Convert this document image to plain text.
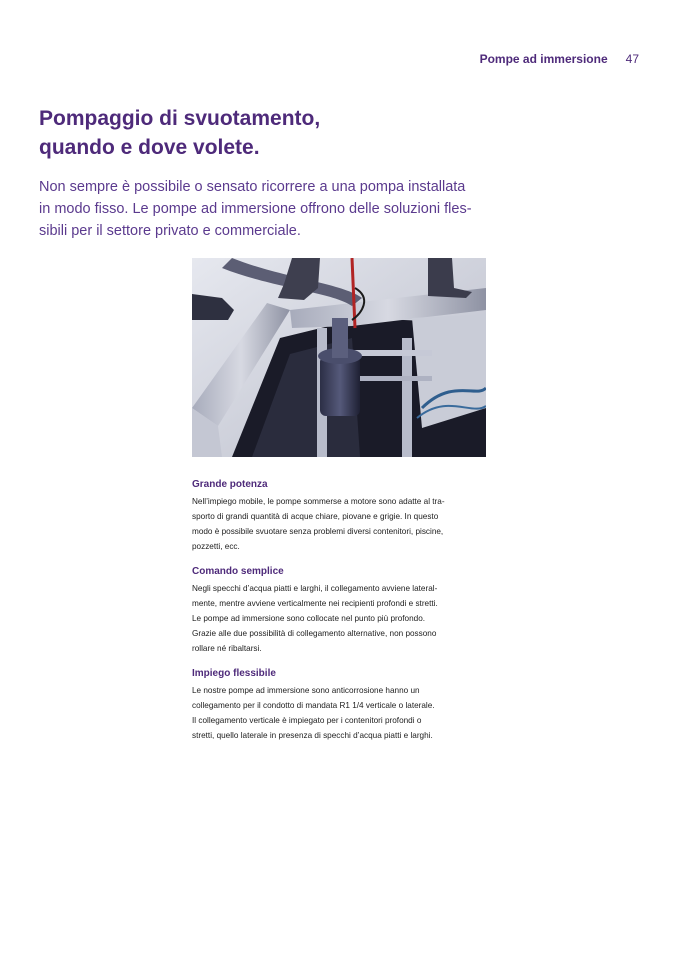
Pompe ad immersione 47
Pompaggio di svuotamento,
quando e dove volete.

Non sempre è possibile o sensato ricorrere a una pompa installata
in modo fisso. Le pompe ad immersione offrono delle soluzioni fles-
sibili per il settore privato e commerciale.

Grande potenza

Nell’impiego mobile, le pompe sommerse a motore sono adatte al tra-
sporto di grandi quantità di acque chiare, piovane e grigie. In questo
modo è possibile svuotare senza problemi diversi contenitori, piscine,
pozzetti, ecc.

Comando semplice

Negli specchi d’acqua piatti e larghi, il collegamento avviene lateral-
mente, mentre avviene verticalmente nei recipienti profondi e stretti.
Le pompe ad immersione sono collocate nel punto più profondo.
Grazie alle due possibilità di collegamento alternative, non possono
rollare né ribaltarsi.

Impiego flessibile

Le nostre pompe ad immersione sono anticorrosione hanno un
collegamento per il condotto di mandata R1 1/4 verticale o laterale.
Il collegamento verticale è impiegato per i contenitori profondi o
stretti, quello laterale in presenza di specchi d’acqua piatti e larghi.
